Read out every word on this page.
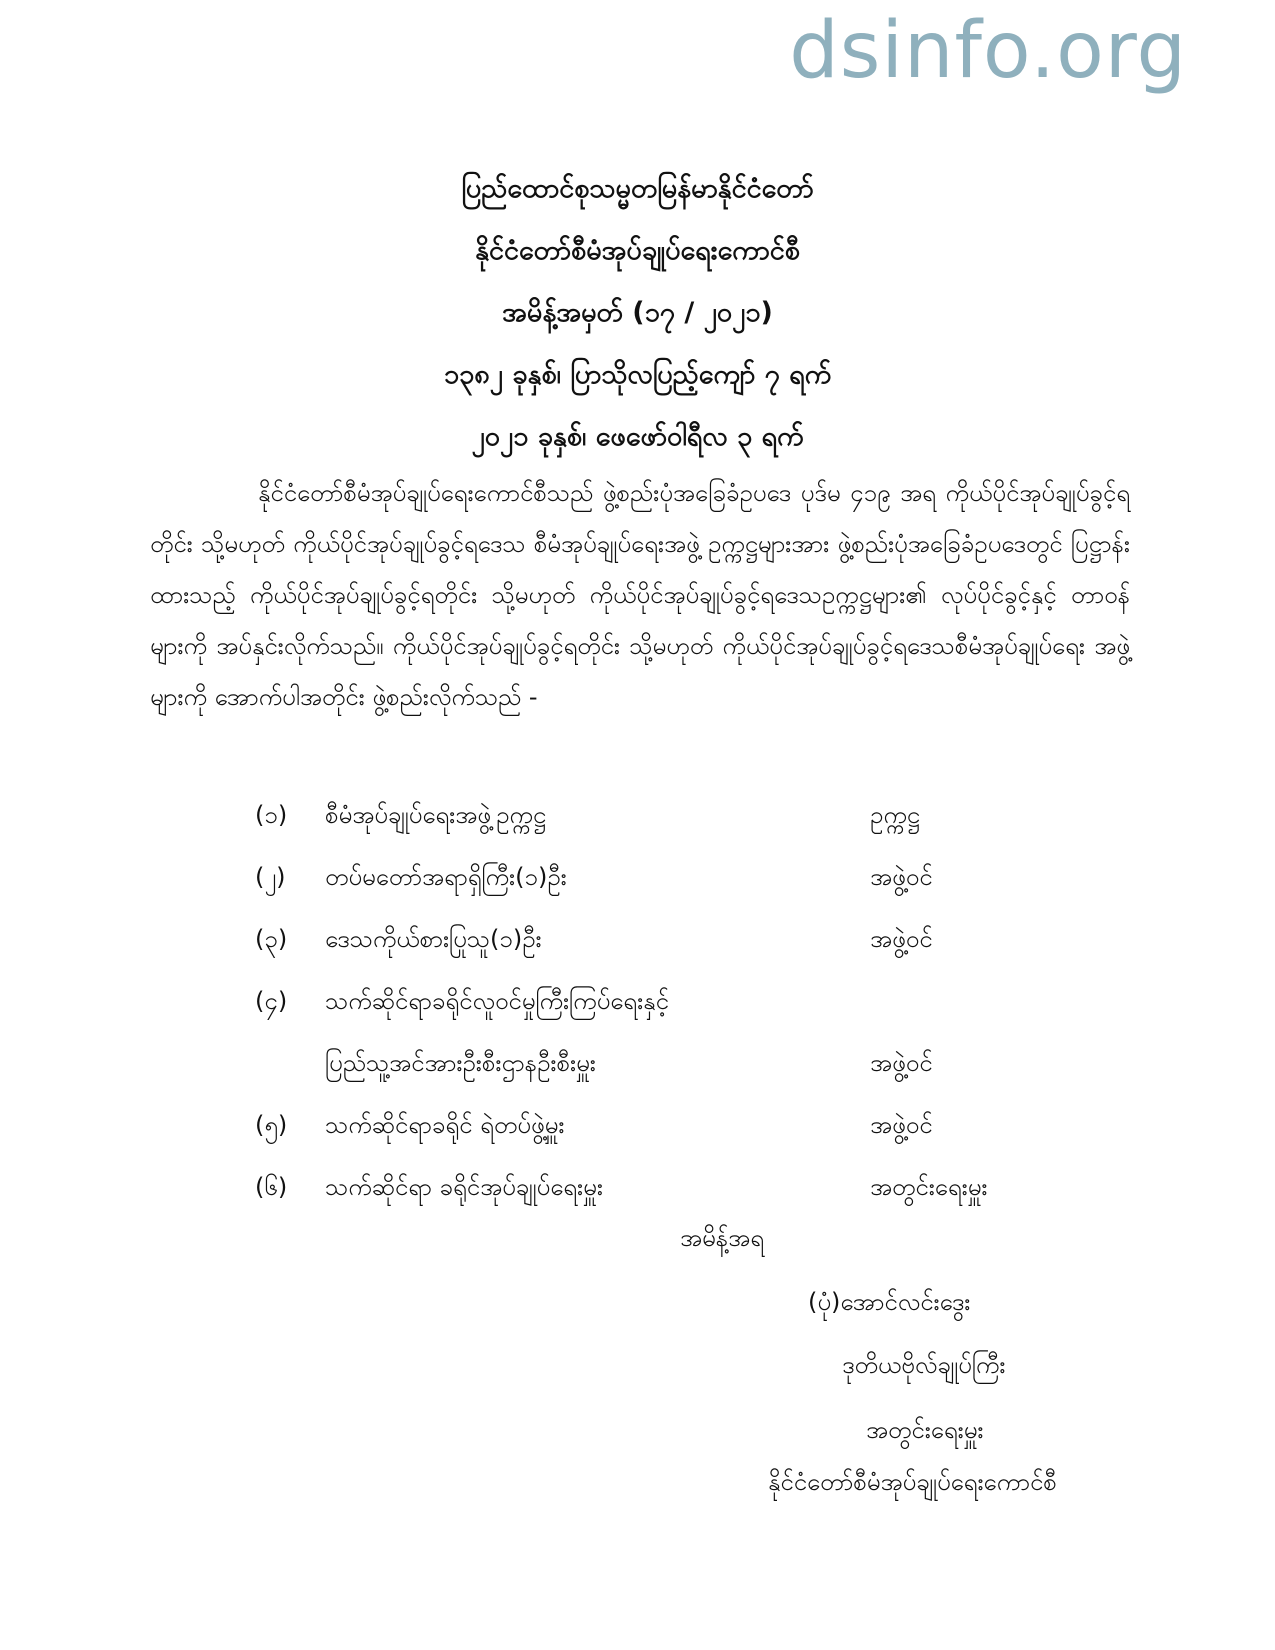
dsinfo.org
ပြည်ထောင်စုသမ္မတမြန်မာနိုင်ငံတော်
နိုင်ငံတော်စီမံအုပ်ချုပ်ရေးကောင်စီ
အမိန့်အမှတ် (၁၇ / ၂၀၂၁)
၁၃၈၂ ခုနှစ်၊ ပြာသိုလပြည့်ကျော် ၇ ရက်
၂၀၂၁ ခုနှစ်၊ ဖေဖော်ဝါရီလ ၃ ရက်

နိုင်ငံတော်စီမံအုပ်ချုပ်ရေးကောင်စီသည် ဖွဲ့စည်းပုံအခြေခံဥပဒေ ပုဒ်မ ၄၁၉ အရ ကိုယ်ပိုင်အုပ်ချုပ်ခွင့်ရတိုင်း သို့မဟုတ် ကိုယ်ပိုင်အုပ်ချုပ်ခွင့်ရဒေသ စီမံအုပ်ချုပ်ရေးအဖွဲ့ ဥက္ကဋ္ဌများအား ဖွဲ့စည်းပုံအခြေခံဥပဒေတွင် ပြဋ္ဌာန်းထားသည့် ကိုယ်ပိုင်အုပ်ချုပ်ခွင့်ရတိုင်း သို့မဟုတ် ကိုယ်ပိုင်အုပ်ချုပ်ခွင့်ရဒေသဥက္ကဋ္ဌများ၏ လုပ်ပိုင်ခွင့်နှင့် တာဝန်များကို အပ်နှင်းလိုက်သည်။ ကိုယ်ပိုင်အုပ်ချုပ်ခွင့်ရတိုင်း သို့မဟုတ် ကိုယ်ပိုင်အုပ်ချုပ်ခွင့်ရဒေသစီမံအုပ်ချုပ်ရေး အဖွဲ့များကို အောက်ပါအတိုင်း ဖွဲ့စည်းလိုက်သည် -

(၁)	စီမံအုပ်ချုပ်ရေးအဖွဲ့ဥက္ကဋ္ဌ	ဥက္ကဋ္ဌ
(၂)	တပ်မတော်အရာရှိကြီး(၁)ဦး	အဖွဲ့ဝင်
(၃)	ဒေသကိုယ်စားပြုသူ(၁)ဦး	အဖွဲ့ဝင်
(၄)	သက်ဆိုင်ရာခရိုင်လူဝင်မှုကြီးကြပ်ရေးနှင့်
ပြည်သူ့အင်အားဦးစီးဌာနဦးစီးမှူး	အဖွဲ့ဝင်
(၅)	သက်ဆိုင်ရာခရိုင် ရဲတပ်ဖွဲ့မှူး	အဖွဲ့ဝင်
(၆)	သက်ဆိုင်ရာ ခရိုင်အုပ်ချုပ်ရေးမှူး	အတွင်းရေးမှူး
အမိန့်အရ
(ပုံ)အောင်လင်းဒွေး
ဒုတိယဗိုလ်ချုပ်ကြီး
အတွင်းရေးမှူး
နိုင်ငံတော်စီမံအုပ်ချုပ်ရေးကောင်စီ
